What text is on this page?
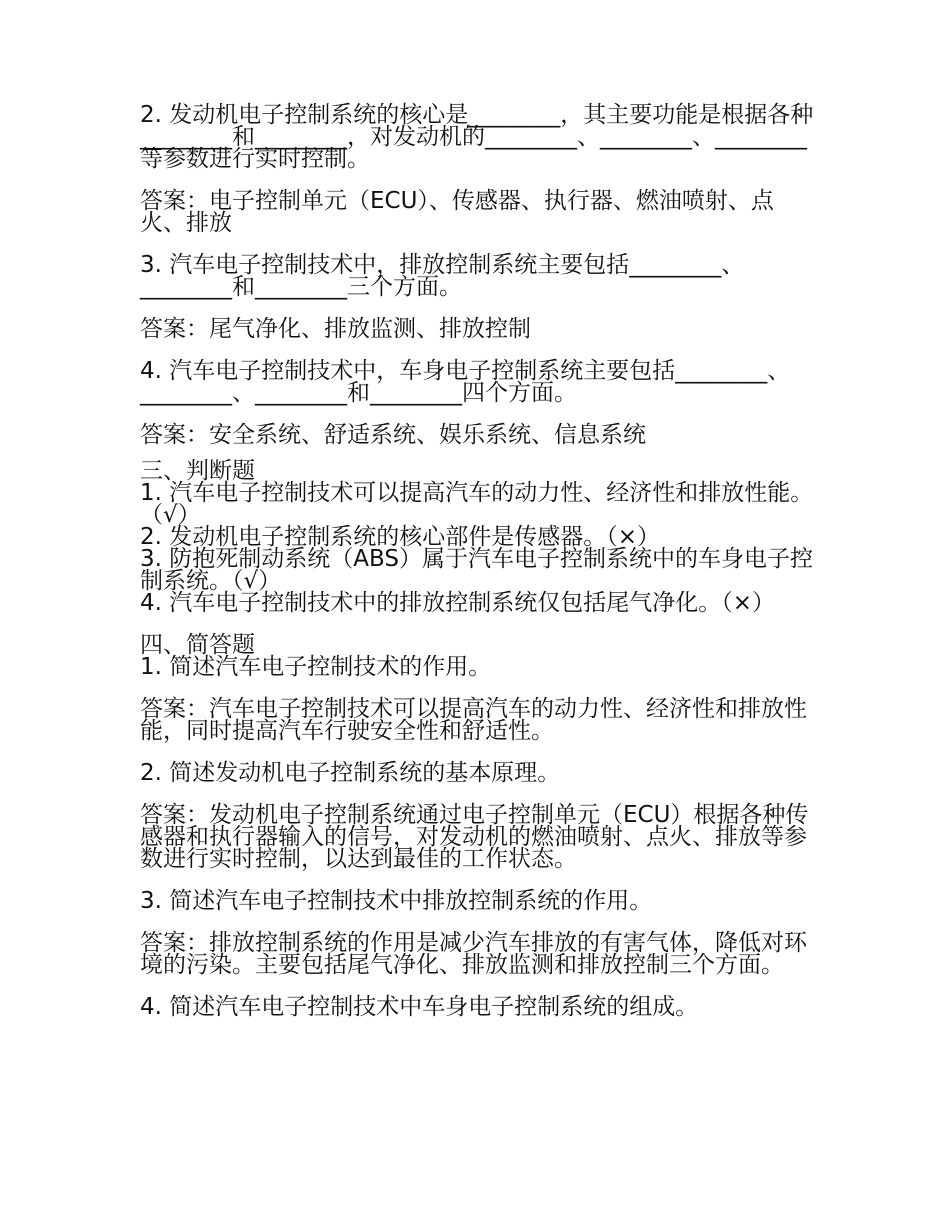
2. 发动机电子控制系统的核心是________，其主要功能是根据各种________和________，对发动机的________、________、________等参数进行实时控制。

答案：电子控制单元（ECU）、传感器、执行器、燃油喷射、点火、排放

3. 汽车电子控制技术中，排放控制系统主要包括________、________和________三个方面。

答案：尾气净化、排放监测、排放控制

4. 汽车电子控制技术中，车身电子控制系统主要包括________、________、________和________四个方面。

答案：安全系统、舒适系统、娱乐系统、信息系统

三、判断题

1. 汽车电子控制技术可以提高汽车的动力性、经济性和排放性能。（√）

2. 发动机电子控制系统的核心部件是传感器。（×）

3. 防抱死制动系统（ABS）属于汽车电子控制系统中的车身电子控制系统。（√）

4. 汽车电子控制技术中的排放控制系统仅包括尾气净化。（×）

四、简答题

1. 简述汽车电子控制技术的作用。

答案：汽车电子控制技术可以提高汽车的动力性、经济性和排放性能，同时提高汽车行驶安全性和舒适性。

2. 简述发动机电子控制系统的基本原理。

答案：发动机电子控制系统通过电子控制单元（ECU）根据各种传感器和执行器输入的信号，对发动机的燃油喷射、点火、排放等参数进行实时控制，以达到最佳的工作状态。

3. 简述汽车电子控制技术中排放控制系统的作用。

答案：排放控制系统的作用是减少汽车排放的有害气体，降低对环境的污染。主要包括尾气净化、排放监测和排放控制三个方面。

4. 简述汽车电子控制技术中车身电子控制系统的组成。
